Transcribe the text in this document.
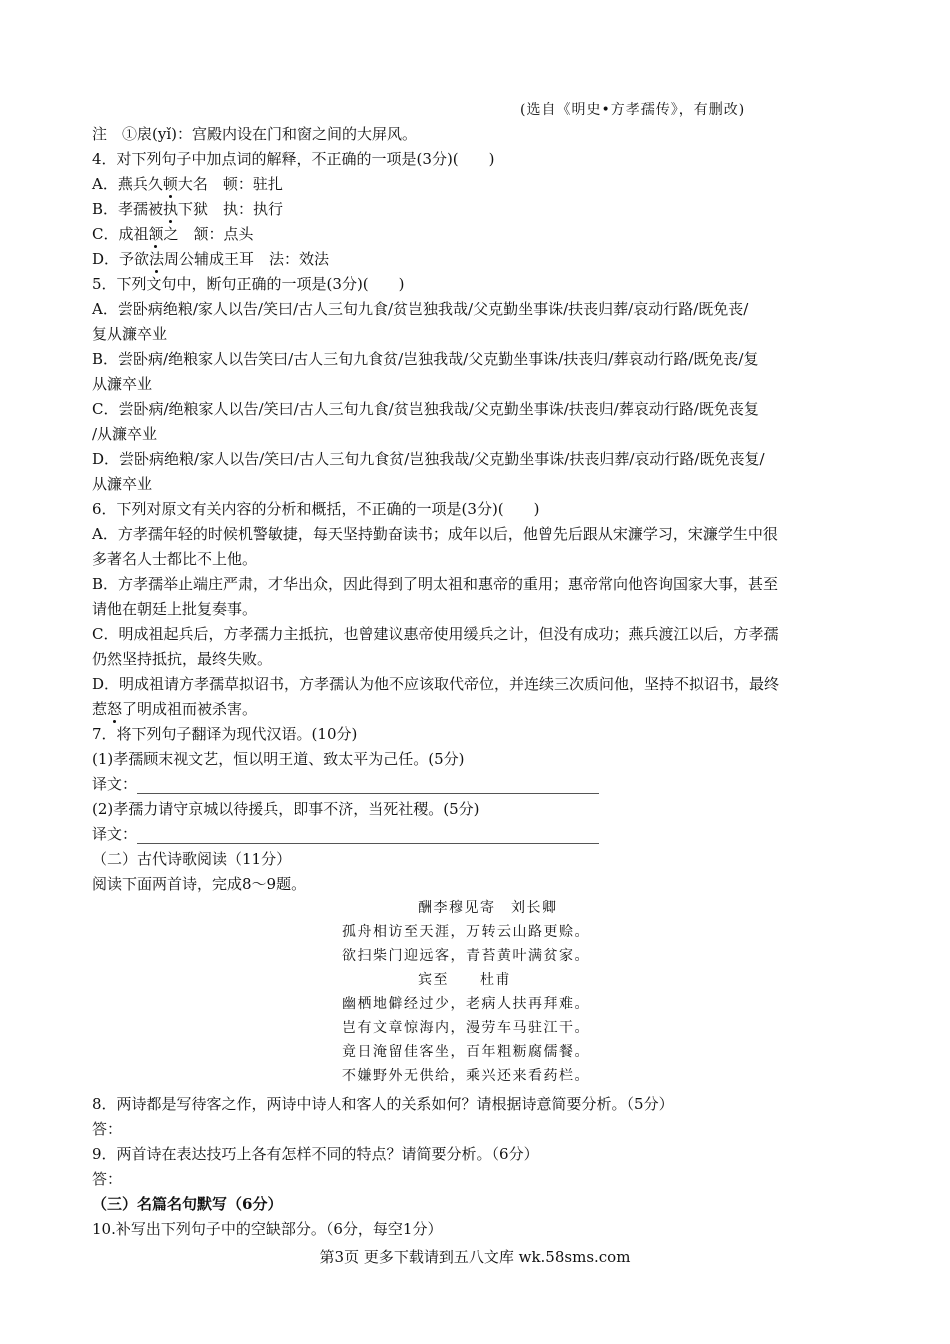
(选自《明史•方孝孺传》，有删改)
注　①扆(yǐ)：宫殿内设在门和窗之间的大屏风。
4．对下列句子中加点词的解释，不正确的一项是(3分)(　　)
A．燕兵久顿大名　顿：驻扎
B．孝孺被执下狱　执：执行
C．成祖颔之　颔：点头
D．予欲法周公辅成王耳　法：效法
5．下列文句中，断句正确的一项是(3分)(　　)
A．尝卧病绝粮/家人以告/笑曰/古人三旬九食/贫岂独我哉/父克勤坐事诛/扶丧归葬/哀动行路/既免丧/
复从濂卒业
B．尝卧病/绝粮家人以告笑曰/古人三旬九食贫/岂独我哉/父克勤坐事诛/扶丧归/葬哀动行路/既免丧/复
从濂卒业
C．尝卧病/绝粮家人以告/笑曰/古人三旬九食/贫岂独我哉/父克勤坐事诛/扶丧归/葬哀动行路/既免丧复
/从濂卒业
D．尝卧病绝粮/家人以告/笑曰/古人三旬九食贫/岂独我哉/父克勤坐事诛/扶丧归葬/哀动行路/既免丧复/
从濂卒业
6．下列对原文有关内容的分析和概括，不正确的一项是(3分)(　　)
A．方孝孺年轻的时候机警敏捷，每天坚持勤奋读书；成年以后，他曾先后跟从宋濂学习，宋濂学生中很
多著名人士都比不上他。
B．方孝孺举止端庄严肃，才华出众，因此得到了明太祖和惠帝的重用；惠帝常向他咨询国家大事，甚至
请他在朝廷上批复奏事。
C．明成祖起兵后，方孝孺力主抵抗，也曾建议惠帝使用缓兵之计，但没有成功；燕兵渡江以后，方孝孺
仍然坚持抵抗，最终失败。
D．明成祖请方孝孺草拟诏书，方孝孺认为他不应该取代帝位，并连续三次质问他，坚持不拟诏书，最终
惹怒了明成祖而被杀害。
7．将下列句子翻译为现代汉语。(10分)
(1)孝孺顾末视文艺，恒以明王道、致太平为己任。(5分)
译文：
(2)孝孺力请守京城以待援兵，即事不济，当死社稷。(5分)
译文：
（二）古代诗歌阅读（11分）
阅读下面两首诗，完成8～9题。
酬李穆见寄　刘长卿
孤舟相访至天涯，万转云山路更赊。
欲扫柴门迎远客，青苔黄叶满贫家。
宾至　　杜甫
幽栖地僻经过少，老病人扶再拜难。
岂有文章惊海内，漫劳车马驻江干。
竟日淹留佳客坐，百年粗粝腐儒餐。
不嫌野外无供给，乘兴还来看药栏。
8．两诗都是写待客之作，两诗中诗人和客人的关系如何？请根据诗意简要分析。（5分）
答：
9．两首诗在表达技巧上各有怎样不同的特点？请简要分析。（6分）
答：
（三）名篇名句默写（6分）
10.补写出下列句子中的空缺部分。（6分，每空1分）
第3页 更多下载请到五八文库 wk.58sms.com
